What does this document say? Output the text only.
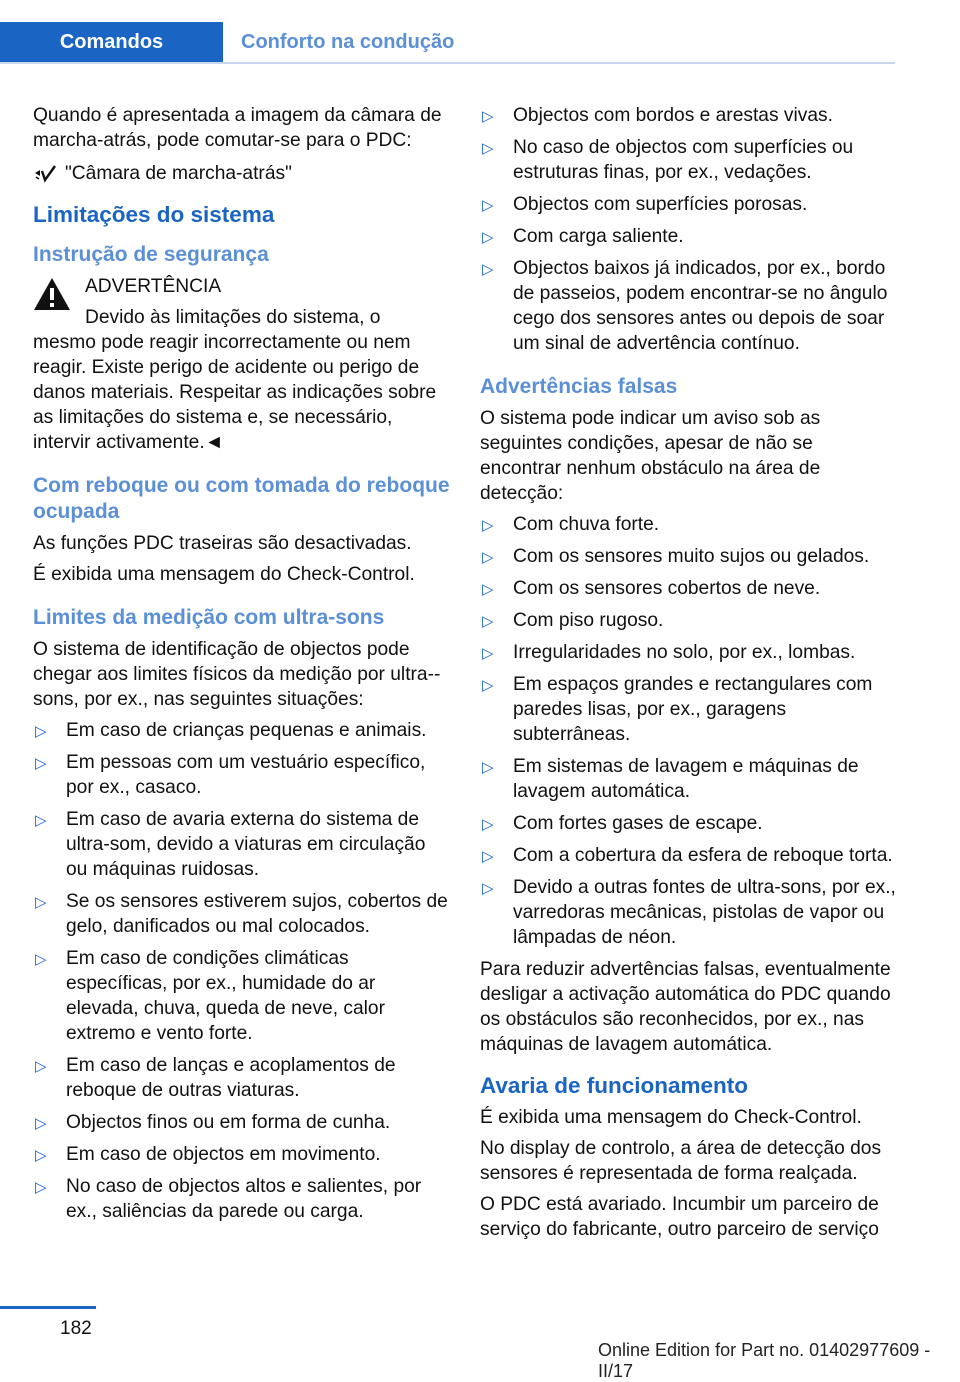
Comandos	Conforto na condução

Quando é apresentada a imagem da câmara de marcha-atrás, pode comutar-se para o PDC:

"Câmara de marcha-atrás"
Limitações do sistema
Instrução de segurança

ADVERTÊNCIA

Devido às limitações do sistema, o

mesmo pode reagir incorrectamente ou nem reagir. Existe perigo de acidente ou perigo de danos materiais. Respeitar as indicações sobre as limitações do sistema e, se necessário, intervir activamente.◄

Com reboque ou com tomada do reboque ocupada

As funções PDC traseiras são desactivadas.

É exibida uma mensagem do Check-Control.

Limites da medição com ultra-sons

O sistema de identificação de objectos pode chegar aos limites físicos da medição por ultra--sons, por ex., nas seguintes situações:

▷ Em caso de crianças pequenas e animais.
▷ Em pessoas com um vestuário específico, por ex., casaco.
▷ Em caso de avaria externa do sistema de ultra-som, devido a viaturas em circulação ou máquinas ruidosas.
▷ Se os sensores estiverem sujos, cobertos de gelo, danificados ou mal colocados.
▷ Em caso de condições climáticas específicas, por ex., humidade do ar elevada, chuva, queda de neve, calor extremo e vento forte.
▷ Em caso de lanças e acoplamentos de reboque de outras viaturas.
▷ Objectos finos ou em forma de cunha.
▷ Em caso de objectos em movimento.
▷ No caso de objectos altos e salientes, por ex., saliências da parede ou carga.
▷ Objectos com bordos e arestas vivas.
▷ No caso de objectos com superfícies ou estruturas finas, por ex., vedações.
▷ Objectos com superfícies porosas.
▷ Com carga saliente.
▷ Objectos baixos já indicados, por ex., bordo de passeios, podem encontrar-se no ângulo cego dos sensores antes ou depois de soar um sinal de advertência contínuo.
Advertências falsas

O sistema pode indicar um aviso sob as seguintes condições, apesar de não se encontrar nenhum obstáculo na área de detecção:

▷ Com chuva forte.
▷ Com os sensores muito sujos ou gelados.
▷ Com os sensores cobertos de neve.
▷ Com piso rugoso.
▷ Irregularidades no solo, por ex., lombas.
▷ Em espaços grandes e rectangulares com paredes lisas, por ex., garagens subterrâneas.
▷ Em sistemas de lavagem e máquinas de lavagem automática.
▷ Com fortes gases de escape.
▷ Com a cobertura da esfera de reboque torta.
▷ Devido a outras fontes de ultra-sons, por ex., varredoras mecânicas, pistolas de vapor ou lâmpadas de néon.

Para reduzir advertências falsas, eventualmente desligar a activação automática do PDC quando os obstáculos são reconhecidos, por ex., nas máquinas de lavagem automática.

Avaria de funcionamento

É exibida uma mensagem do Check-Control.

No display de controlo, a área de detecção dos sensores é representada de forma realçada.

O PDC está avariado. Incumbir um parceiro de serviço do fabricante, outro parceiro de serviço

182
Online Edition for Part no. 01402977609 - II/17
